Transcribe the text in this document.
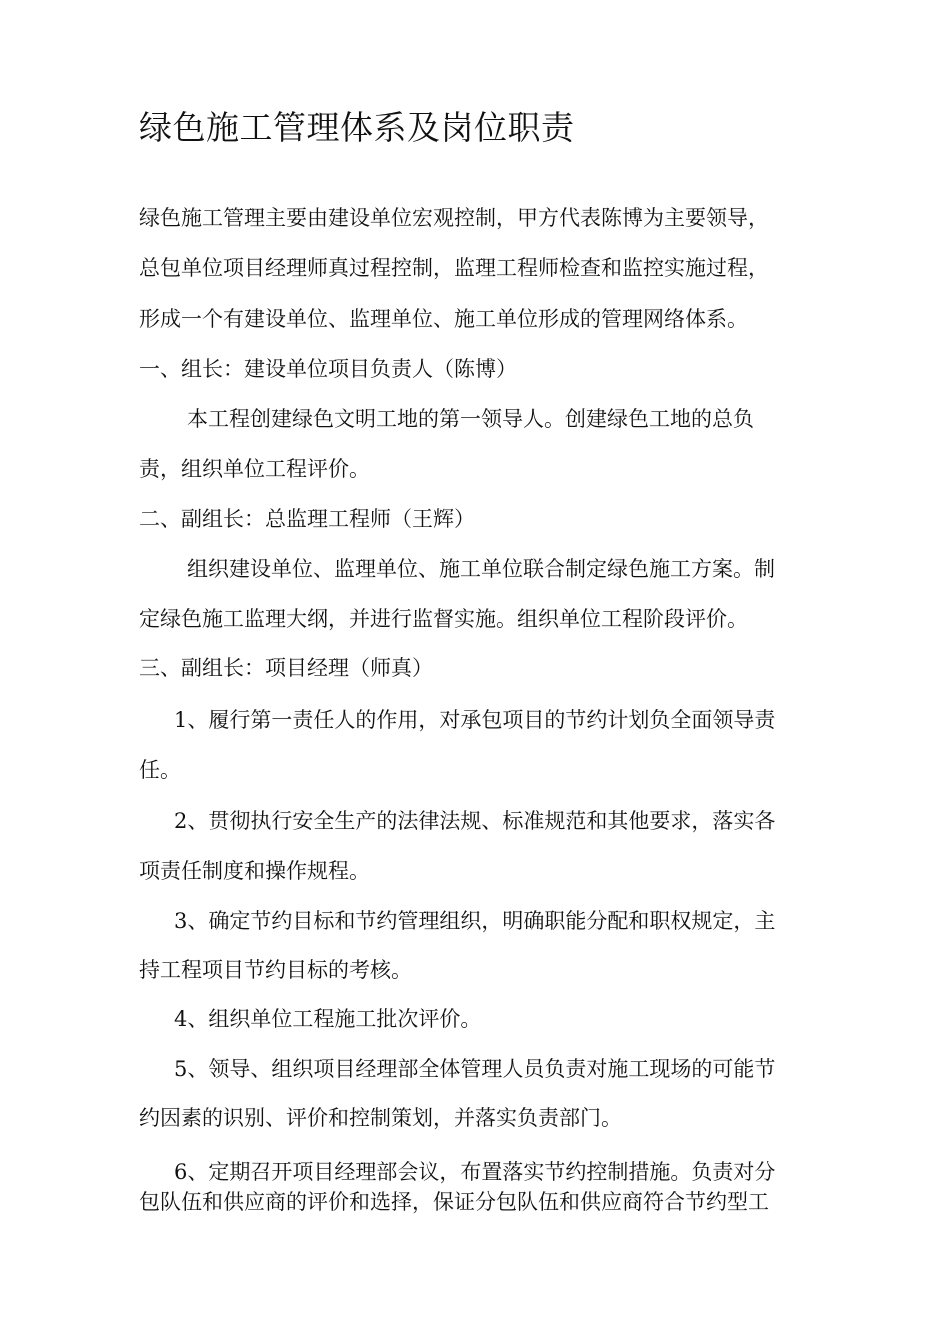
绿色施工管理体系及岗位职责
绿色施工管理主要由建设单位宏观控制，甲方代表陈博为主要领导，
总包单位项目经理师真过程控制，监理工程师检查和监控实施过程，
形成一个有建设单位、监理单位、施工单位形成的管理网络体系。
一、组长：建设单位项目负责人（陈博）
本工程创建绿色文明工地的第一领导人。创建绿色工地的总负
责，组织单位工程评价。
二、副组长：总监理工程师（王辉）
组织建设单位、监理单位、施工单位联合制定绿色施工方案。制
定绿色施工监理大纲，并进行监督实施。组织单位工程阶段评价。
三、副组长：项目经理（师真）
1、履行第一责任人的作用，对承包项目的节约计划负全面领导责
任。
2、贯彻执行安全生产的法律法规、标准规范和其他要求，落实各
项责任制度和操作规程。
3、确定节约目标和节约管理组织，明确职能分配和职权规定，主
持工程项目节约目标的考核。
4、组织单位工程施工批次评价。
5、领导、组织项目经理部全体管理人员负责对施工现场的可能节
约因素的识别、评价和控制策划，并落实负责部门。
6、定期召开项目经理部会议，布置落实节约控制措施。负责对分
包队伍和供应商的评价和选择，保证分包队伍和供应商符合节约型工
